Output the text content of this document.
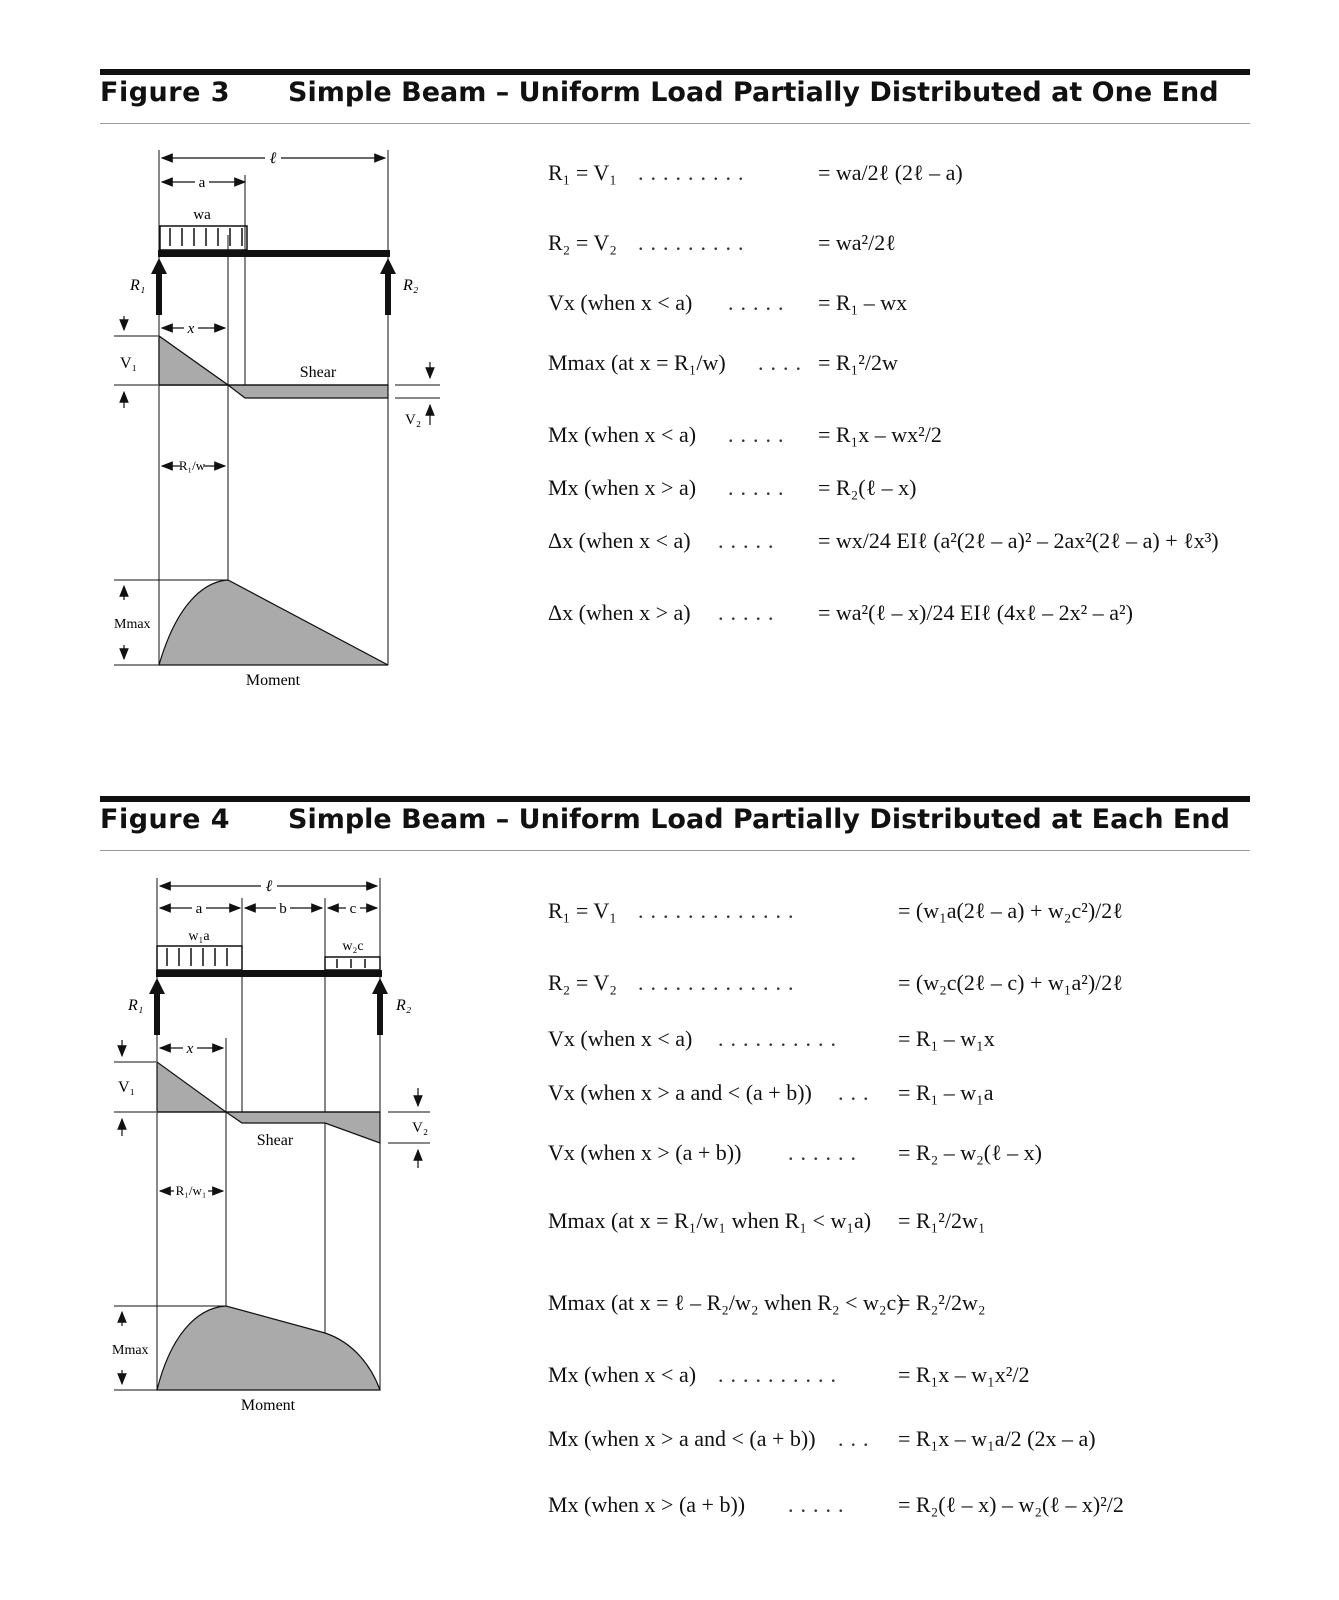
Figure 3 Simple Beam – Uniform Load Partially Distributed at One End
ℓ
a
wa
R₁	R₂
x
Shear
V₁
V₂
R₁/w
Mmax
Moment
R₁ = V₁ .........	= wa/2ℓ (2ℓ – a)
R₂ = V₂ .........	= wa²/2ℓ
Vx (when x < a) ..... = R₁ – wx
Mmax (at x = R₁/w) .... = R₁²/2w
Mx (when x < a) ..... = R₁x – wx²/2
Mx (when x > a) ..... = R₂(ℓ – x)
Δx (when x < a) ..... = wx/24 EIℓ (a²(2ℓ – a)² – 2ax²(2ℓ – a) + ℓx³)
Δx (when x > a) ..... = wa²(ℓ – x)/24 EIℓ (4xℓ – 2x² – a²)
Figure 4 Simple Beam – Uniform Load Partially Distributed at Each End
ℓ
a	b	c
w₁a
w₂c
R₁	R₂
x
Shear
V₁
V₂
R₁/w₁
Mmax
Moment
R₁ = V₁ .............	= (w₁a(2ℓ – a) + w₂c²)/2ℓ
R₂ = V₂ .............	= (w₂c(2ℓ – c) + w₁a²)/2ℓ
Vx (when x < a) ..........	= R₁ – w₁x
Vx (when x > a and < (a + b)) ... = R₁ – w₁a
Vx (when x > (a + b)) ...... = R₂ – w₂(ℓ – x)
Mmax (at x = R₁/w₁ when R₁ < w₁a) = R₁²/2w₁
Mmax (at x = ℓ – R₂/w₂ when R₂ < w₂c)
= R₂²/2w₂
Mx (when x < a) ..........	= R₁x – w₁x²/2
Mx (when x > a and < (a + b)) ... = R₁x – w₁a/2 (2x – a)
Mx (when x > (a + b)) ..... = R₂(ℓ – x) – w₂(ℓ – x)²/2
